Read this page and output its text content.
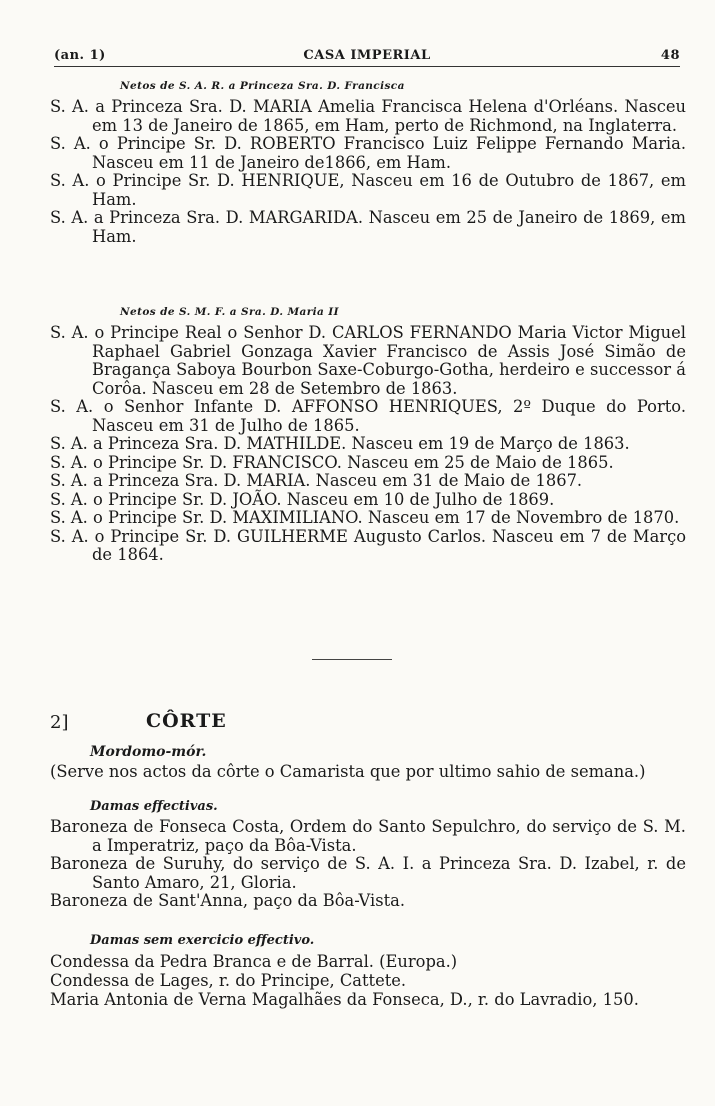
(an. 1)	CASA IMPERIAL	48

Netos de S. A. R. a Princeza Sra. D. Francisca

S. A. a Princeza Sra. D. MARIA Amelia Francisca Helena d'Orléans. Nasceu em 13 de Janeiro de 1865, em Ham, perto de Richmond, na Inglaterra.

S. A. o Principe Sr. D. ROBERTO Francisco Luiz Felippe Fernando Maria. Nasceu em 11 de Janeiro de1866, em Ham.

S. A. o Principe Sr. D. HENRIQUE, Nasceu em 16 de Outubro de 1867, em Ham.

S. A. a Princeza Sra. D. MARGARIDA. Nasceu em 25 de Janeiro de 1869, em Ham.

Netos de S. M. F. a Sra. D. Maria II

S. A. o Principe Real o Senhor D. CARLOS FERNANDO Maria Victor Miguel Raphael Gabriel Gonzaga Xavier Francisco de Assis José Simão de Bragança Saboya Bourbon Saxe-Coburgo-Gotha, herdeiro e successor á Corôa. Nasceu em 28 de Setembro de 1863.

S. A. o Senhor Infante D. AFFONSO HENRIQUES, 2º Duque do Porto. Nasceu em 31 de Julho de 1865.

S. A. a Princeza Sra. D. MATHILDE. Nasceu em 19 de Março de 1863.

S. A. o Principe Sr. D. FRANCISCO. Nasceu em 25 de Maio de 1865.

S. A. a Princeza Sra. D. MARIA. Nasceu em 31 de Maio de 1867.

S. A. o Principe Sr. D. JOÃO. Nasceu em 10 de Julho de 1869.

S. A. o Principe Sr. D. MAXIMILIANO. Nasceu em 17 de Novembro de 1870.

S. A. o Principe Sr. D. GUILHERME Augusto Carlos. Nasceu em 7 de Março de 1864.

2]	CÔRTE

Mordomo-mór.

(Serve nos actos da côrte o Camarista que por ultimo sahio de semana.)

Damas effectivas.

Baroneza de Fonseca Costa, Ordem do Santo Sepulchro, do serviço de S. M. a Imperatriz, paço da Bôa-Vista.

Baroneza de Suruhy, do serviço de S. A. I. a Princeza Sra. D. Izabel, r. de Santo Amaro, 21, Gloria.

Baroneza de Sant'Anna, paço da Bôa-Vista.

Damas sem exercicio effectivo.

Condessa da Pedra Branca e de Barral. (Europa.)

Condessa de Lages, r. do Principe, Cattete.

Maria Antonia de Verna Magalhães da Fonseca, D., r. do Lavradio, 150.
